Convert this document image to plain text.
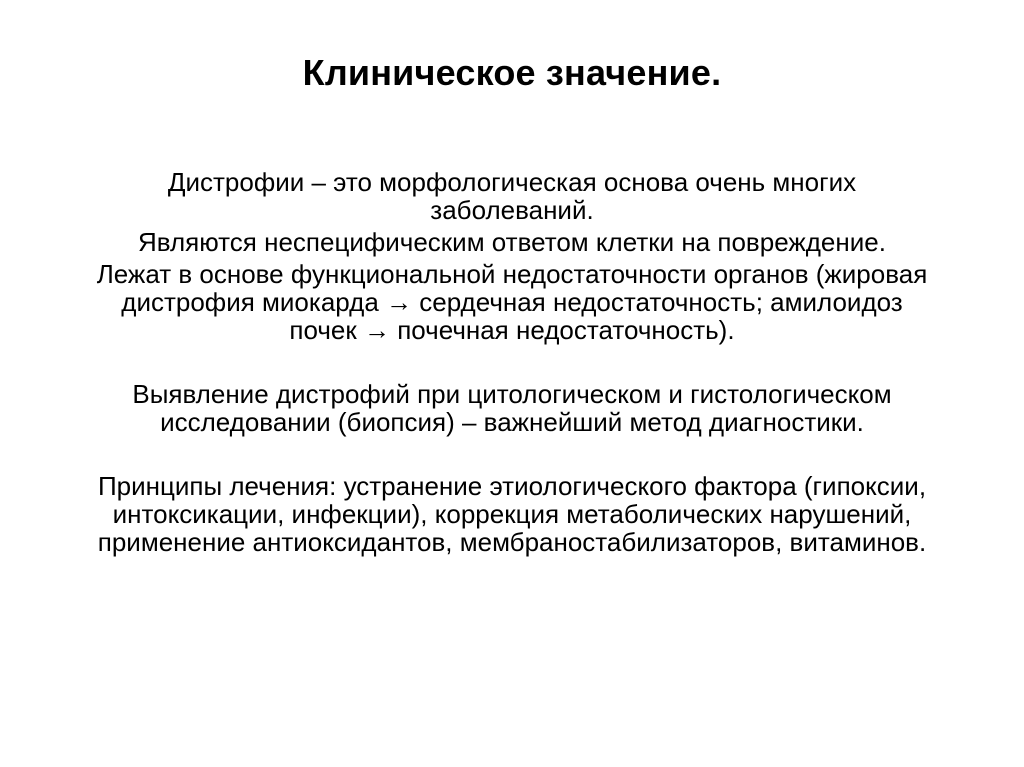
Клиническое значение.

Дистрофии – это морфологическая основа очень многих
заболеваний.

Являются неспецифическим ответом клетки на повреждение.

Лежат в основе функциональной недостаточности органов (жировая
дистрофия миокарда → сердечная недостаточность; амилоидоз
почек → почечная недостаточность).

Выявление дистрофий при цитологическом и гистологическом
исследовании (биопсия) – важнейший метод диагностики.

Принципы лечения: устранение этиологического фактора (гипоксии,
интоксикации, инфекции), коррекция метаболических нарушений,
применение антиоксидантов, мембраностабилизаторов, витаминов.
